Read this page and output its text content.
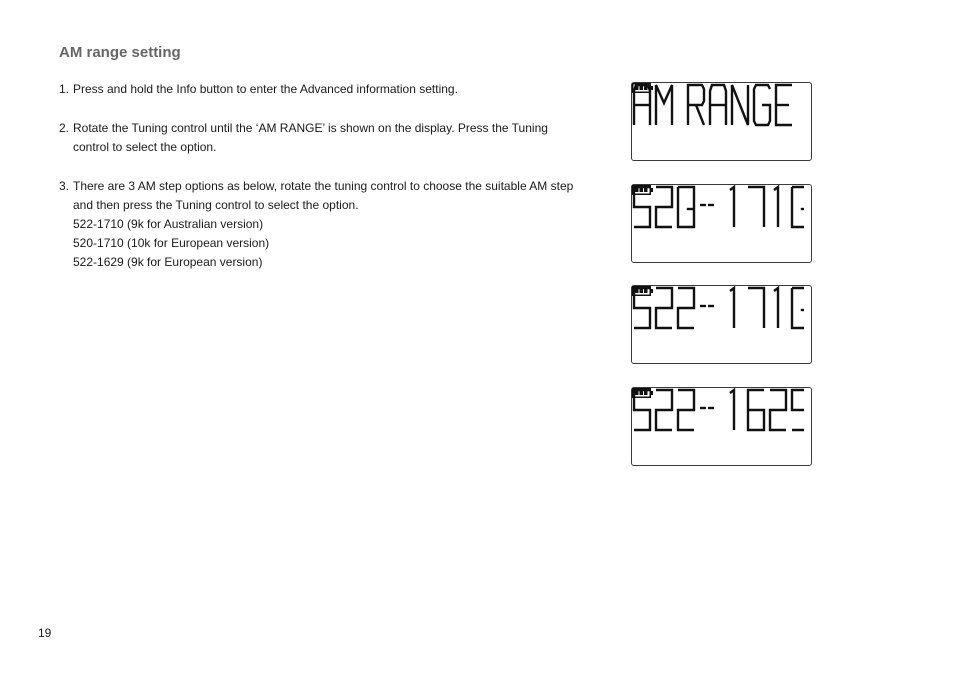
AM range setting
1. Press and hold the Info button to enter the Advanced information setting.
2. Rotate the Tuning control until the ‘AM RANGE’ is shown on the display. Press the Tuning
control to select the option.
3. There are 3 AM step options as below, rotate the tuning control to choose the suitable AM step
and then press the Tuning control to select the option.
522-1710 (9k for Australian version)
520-1710 (10k for European version)
522-1629 (9k for European version)
19
